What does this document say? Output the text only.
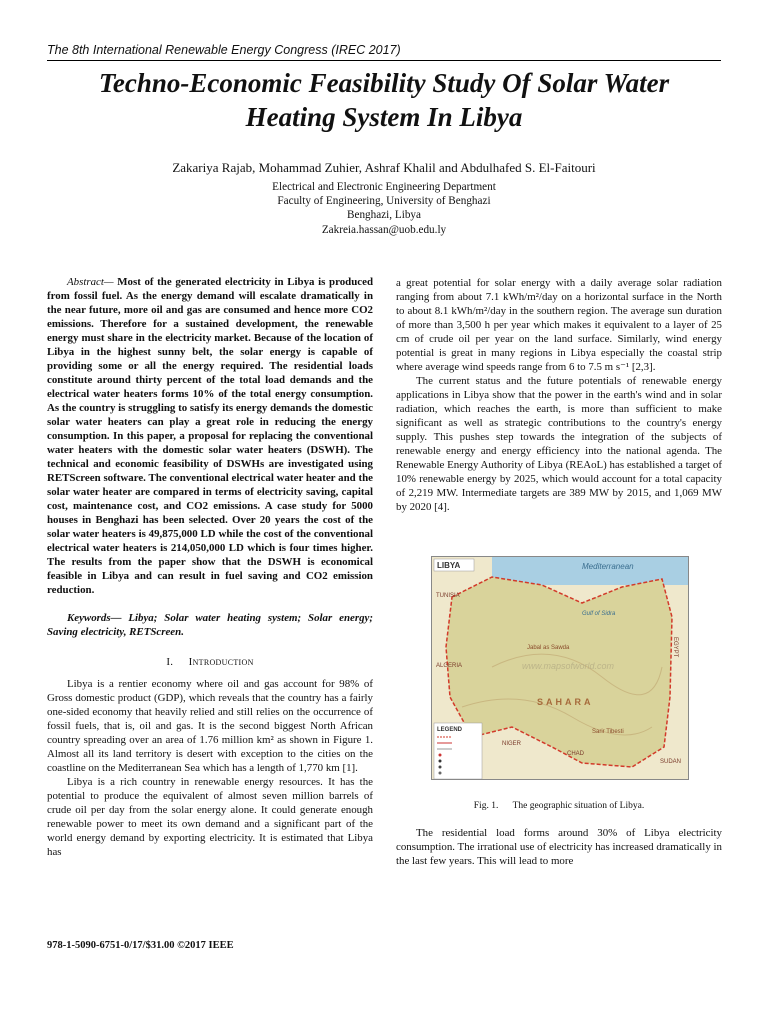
The 8th International Renewable Energy Congress (IREC 2017)
Techno-Economic Feasibility Study Of Solar Water
Heating System In Libya
Zakariya Rajab, Mohammad Zuhier, Ashraf Khalil and Abdulhafed S. El-Faitouri
Electrical and Electronic Engineering Department
Faculty of Engineering, University of Benghazi
Benghazi, Libya
Zakreia.hassan@uob.edu.ly

Abstract— Most of the generated electricity in Libya is produced from fossil fuel. As the energy demand will escalate dramatically in the near future, more oil and gas are consumed and hence more CO2 emissions. Therefore for a sustained development, the renewable energy must share in the electricity market. Because of the location of Libya in the highest sunny belt, the solar energy is capable of providing some or all the energy required. The residential loads constitute around thirty percent of the total load demands and the electrical water heaters forms 10% of the total energy consumption. As the country is struggling to satisfy its energy demands the domestic solar water heaters can play a great role in reducing the energy consumption. In this paper, a proposal for replacing the conventional water heaters with the domestic solar water heaters (DSWH). The technical and economic feasibility of DSWHs are investigated using RETScreen software. The conventional electrical water heater and the solar water heater are compared in terms of electricity saving, capital cost, maintenance cost, and CO2 emissions. A case study for 5000 houses in Benghazi has been selected. Over 20 years the cost of the solar water heaters is 49,875,000 LD while the cost of the conventional electrical water heaters is 214,050,000 LD which is four times higher. The results from the paper show that the DSWH is economical feasible in Libya and can result in fuel saving and CO2 emission reduction.

Keywords— Libya; Solar water heating system; Solar energy; Saving electricity, RETScreen.

I. Introduction

Libya is a rentier economy where oil and gas account for 98% of Gross domestic product (GDP), which reveals that the country has a fairly one-sided economy that heavily relied and still relies on the occurrence of fossil fuels, that is, oil and gas. It is the second biggest North African country spreading over an area of 1.76 million km² as shown in Figure 1. Almost all its land territory is desert with exception to the cities on the coastline on the Mediterranean Sea which has a length of 1,770 km [1].

Libya is a rich country in renewable energy resources. It has the potential to produce the equivalent of almost seven million barrels of crude oil per day from the solar energy alone. It could generate enough renewable power to meet its own demand and a significant part of the world energy demand by exporting electricity. It is estimated that Libya has

a great potential for solar energy with a daily average solar radiation ranging from about 7.1 kWh/m²/day on a horizontal surface in the North to about 8.1 kWh/m²/day in the southern region. The average sun duration of more than 3,500 h per year which makes it equivalent to a layer of 25 cm of crude oil per year on the land surface. Similarly, wind energy potential is great in many regions in Libya especially the coastal strip where average wind speeds range from 6 to 7.5 m s⁻¹ [2,3].

The current status and the future potentials of renewable energy applications in Libya show that the power in the earth's wind and in solar radiation, which reaches the earth, is more than sufficient to make significant as well as strategic contributions to the country's energy supply. This pushes step towards the integration of the subjects of renewable energy and energy efficiency into the national agenda. The Renewable Energy Authority of Libya (REAoL) has established a target of 10% renewable energy by 2025, which would account for a total capacity of 2,219 MW. Intermediate targets are 389 MW by 2015, and 1,069 MW by 2020 [4].

LIBYA	Mediterranean
TUNISIA
ALGERIA
EGYPT
NIGER
CHAD
SUDAN
Gulf of Sidra
SAHARA
Jabal as Sawda
Sarir Tibesti
www.mapsofworld.com
LEGEND
Fig. 1. The geographic situation of Libya.

The residential load forms around 30% of Libya electricity consumption. The irrational use of electricity has increased dramatically in the last few years. This will lead to more

978-1-5090-6751-0/17/$31.00 ©2017 IEEE
